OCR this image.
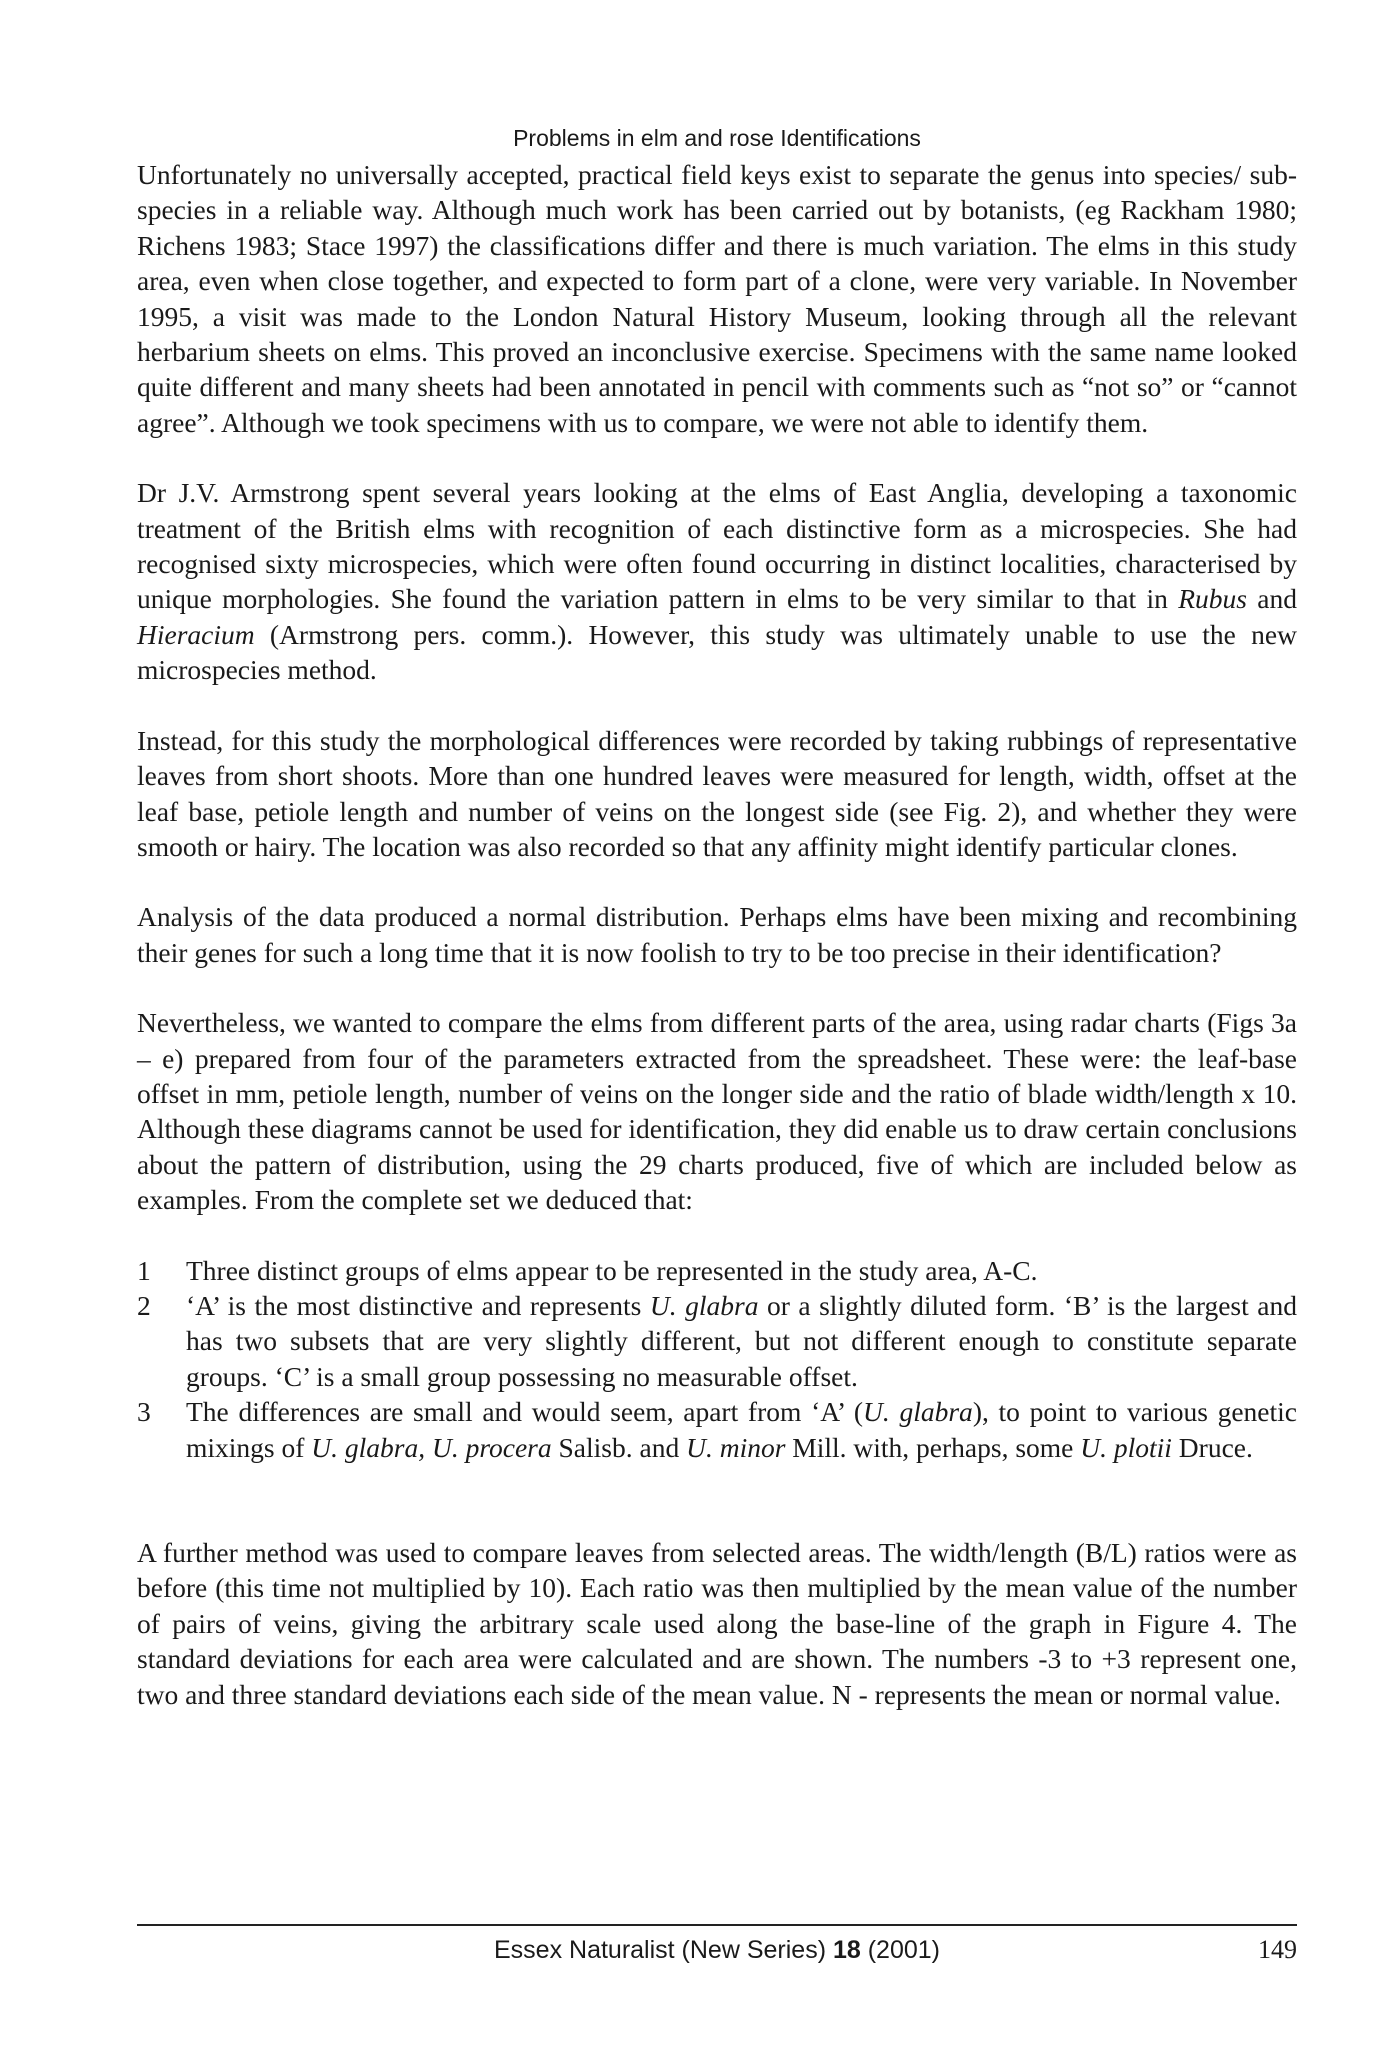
Problems in elm and rose Identifications

Unfortunately no universally accepted, practical field keys exist to separate the genus into species/ sub-species in a reliable way. Although much work has been carried out by botanists, (eg Rackham 1980; Richens 1983; Stace 1997) the classifications differ and there is much variation. The elms in this study area, even when close together, and expected to form part of a clone, were very variable. In November 1995, a visit was made to the London Natural History Museum, looking through all the relevant herbarium sheets on elms. This proved an inconclusive exercise. Specimens with the same name looked quite different and many sheets had been annotated in pencil with comments such as “not so” or “cannot agree”. Although we took specimens with us to compare, we were not able to identify them.

Dr J.V. Armstrong spent several years looking at the elms of East Anglia, developing a taxonomic treatment of the British elms with recognition of each distinctive form as a microspecies. She had recognised sixty microspecies, which were often found occurring in distinct localities, characterised by unique morphologies. She found the variation pattern in elms to be very similar to that in Rubus and Hieracium (Armstrong pers. comm.). However, this study was ultimately unable to use the new microspecies method.

Instead, for this study the morphological differences were recorded by taking rubbings of representative leaves from short shoots. More than one hundred leaves were measured for length, width, offset at the leaf base, petiole length and number of veins on the longest side (see Fig. 2), and whether they were smooth or hairy. The location was also recorded so that any affinity might identify particular clones.

Analysis of the data produced a normal distribution. Perhaps elms have been mixing and recombining their genes for such a long time that it is now foolish to try to be too precise in their identification?

Nevertheless, we wanted to compare the elms from different parts of the area, using radar charts (Figs 3a – e) prepared from four of the parameters extracted from the spreadsheet. These were: the leaf-base offset in mm, petiole length, number of veins on the longer side and the ratio of blade width/length x 10. Although these diagrams cannot be used for identification, they did enable us to draw certain conclusions about the pattern of distribution, using the 29 charts produced, five of which are included below as examples. From the complete set we deduced that:

1	Three distinct groups of elms appear to be represented in the study area, A-C.
2	‘A’ is the most distinctive and represents U. glabra or a slightly diluted form. ‘B’ is the largest and has two subsets that are very slightly different, but not different enough to constitute separate groups. ‘C’ is a small group possessing no measurable offset.
3	The differences are small and would seem, apart from ‘A’ (U. glabra), to point to various genetic mixings of U. glabra, U. procera Salisb. and U. minor Mill. with, perhaps, some U. plotii Druce.

A further method was used to compare leaves from selected areas. The width/length (B/L) ratios were as before (this time not multiplied by 10). Each ratio was then multiplied by the mean value of the number of pairs of veins, giving the arbitrary scale used along the base-line of the graph in Figure 4. The standard deviations for each area were calculated and are shown. The numbers -3 to +3 represent one, two and three standard deviations each side of the mean value. N - represents the mean or normal value.

Essex Naturalist (New Series) 18 (2001)	149
